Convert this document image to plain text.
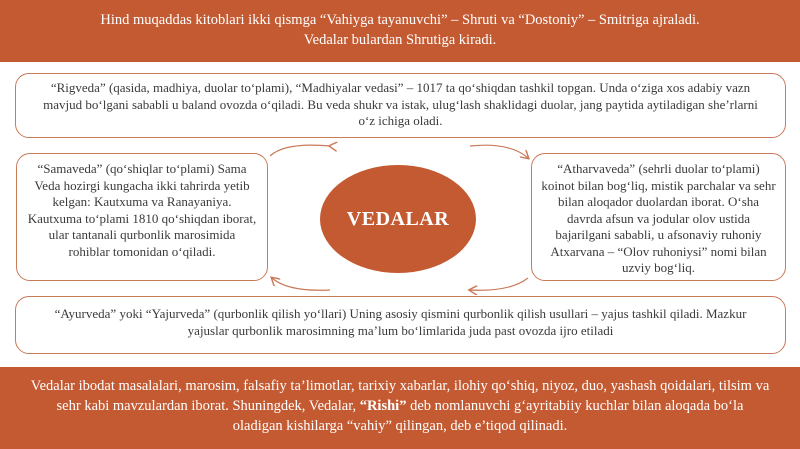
Hind muqaddas kitoblari ikki qismga “Vahiyga tayanuvchi” – Shruti va “Dostoniy” – Smitriga ajraladi.
Vedalar bulardan Shrutiga kiradi.
“Rigveda” (qasida, madhiya, duolar to‘plami), “Madhiyalar vedasi” – 1017 ta qo‘shiqdan tashkil topgan. Unda o‘ziga xos adabiy vazn mavjud bo‘lgani sababli u baland ovozda o‘qiladi. Bu veda shukr va istak, ulug‘lash shaklidagi duolar, jang paytida aytiladigan she’rlarni o‘z ichiga oladi.
“Samaveda” (qo‘shiqlar to‘plami) Sama Veda hozirgi kungacha ikki tahrirda yetib kelgan: Kautxuma va Ranayaniya. Kautxuma to‘plami 1810 qo‘shiqdan iborat, ular tantanali qurbonlik marosimida rohiblar tomonidan o‘qiladi.
VEDALAR
“Atharvaveda” (sehrli duolar to‘plami) koinot bilan bog‘liq, mistik parchalar va sehr bilan aloqador duolardan iborat. O‘sha davrda afsun va jodular olov ustida bajarilgani sababli, u afsonaviy ruhoniy Atxarvana – “Olov ruhoniysi” nomi bilan uzviy bog‘liq.
“Ayurveda” yoki “Yajurveda” (qurbonlik qilish yo‘llari) Uning asosiy qismini qurbonlik qilish usullari – yajus tashkil qiladi. Mazkur yajuslar qurbonlik marosimning ma’lum bo‘limlarida juda past ovozda ijro etiladi
Vedalar ibodat masalalari, marosim, falsafiy ta’limotlar, tarixiy xabarlar, ilohiy qo‘shiq, niyoz, duo, yashash qoidalari, tilsim va sehr kabi mavzulardan iborat. Shuningdek, Vedalar, “Rishi” deb nomlanuvchi g‘ayritabiiy kuchlar bilan aloqada bo‘la oladigan kishilarga “vahiy” qilingan, deb e’tiqod qilinadi.
